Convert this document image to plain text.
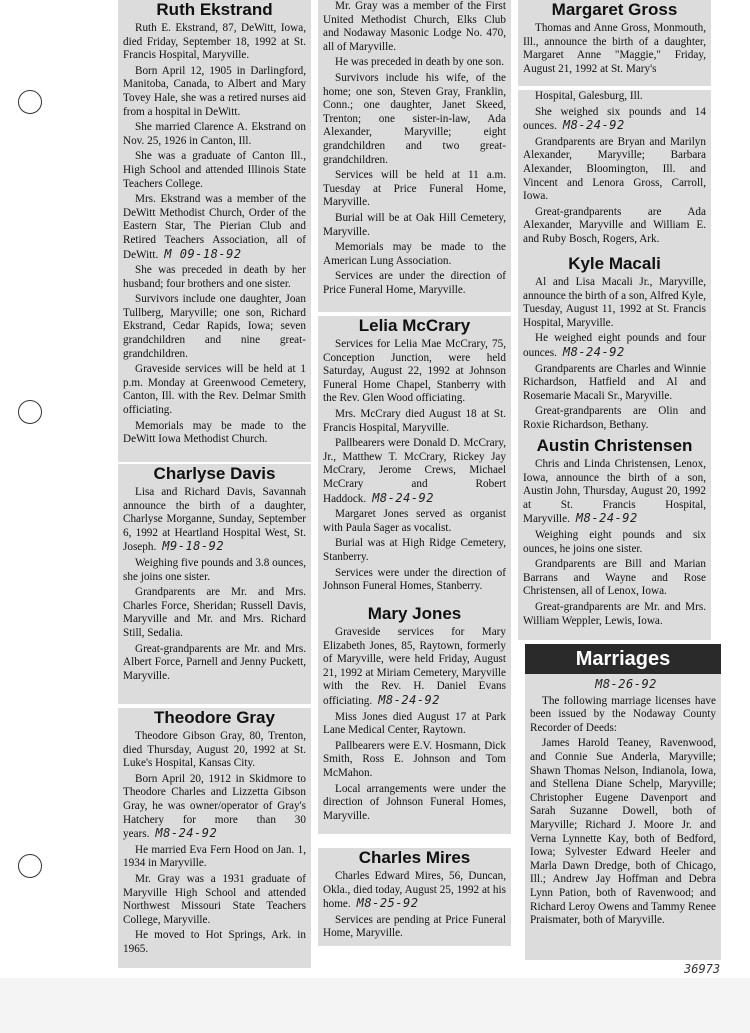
Ruth Ekstrand

Ruth E. Ekstrand, 87, DeWitt, Iowa, died Friday, September 18, 1992 at St. Francis Hospital, Maryville.

Born April 12, 1905 in Darlingford, Manitoba, Canada, to Albert and Mary Tovey Hale, she was a retired nurses aid from a hospital in DeWitt.

She married Clarence A. Ekstrand on Nov. 25, 1926 in Canton, Ill.

She was a graduate of Canton Ill., High School and attended Illinois State Teachers College.

Mrs. Ekstrand was a member of the DeWitt Methodist Church, Order of the Eastern Star, The Pierian Club and Retired Teachers Association, all of DeWitt. M 09-18-92

She was preceded in death by her husband; four brothers and one sister.

Survivors include one daughter, Joan Tullberg, Maryville; one son, Richard Ekstrand, Cedar Rapids, Iowa; seven grandchildren and nine great-grandchildren.

Graveside services will be held at 1 p.m. Monday at Greenwood Cemetery, Canton, Ill. with the Rev. Delmar Smith officiating.

Memorials may be made to the DeWitt Iowa Methodist Church.

Charlyse Davis

Lisa and Richard Davis, Savannah announce the birth of a daughter, Charlyse Morganne, Sunday, September 6, 1992 at Heartland Hospital West, St. Joseph. M9-18-92

Weighing five pounds and 3.8 ounces, she joins one sister.

Grandparents are Mr. and Mrs. Charles Force, Sheridan; Russell Davis, Maryville and Mr. and Mrs. Richard Still, Sedalia.

Great-grandparents are Mr. and Mrs. Albert Force, Parnell and Jenny Puckett, Maryville.

Theodore Gray

Theodore Gibson Gray, 80, Trenton, died Thursday, August 20, 1992 at St. Luke's Hospital, Kansas City.

Born April 20, 1912 in Skidmore to Theodore Charles and Lizzetta Gibson Gray, he was owner/operator of Gray's Hatchery for more than 30 years. M8-24-92

He married Eva Fern Hood on Jan. 1, 1934 in Maryville.

Mr. Gray was a 1931 graduate of Maryville High School and attended Northwest Missouri State Teachers College, Maryville.

He moved to Hot Springs, Ark. in 1965.

Mr. Gray was a member of the First United Methodist Church, Elks Club and Nodaway Masonic Lodge No. 470, all of Maryville.

He was preceded in death by one son.

Survivors include his wife, of the home; one son, Steven Gray, Franklin, Conn.; one daughter, Janet Skeed, Trenton; one sister-in-law, Ada Alexander, Maryville; eight grandchildren and two great-grandchildren.

Services will be held at 11 a.m. Tuesday at Price Funeral Home, Maryville.

Burial will be at Oak Hill Cemetery, Maryville.

Memorials may be made to the American Lung Association.

Services are under the direction of Price Funeral Home, Maryville.

Lelia McCrary

Services for Lelia Mae McCrary, 75, Conception Junction, were held Saturday, August 22, 1992 at Johnson Funeral Home Chapel, Stanberry with the Rev. Glen Wood officiating.

Mrs. McCrary died August 18 at St. Francis Hospital, Maryville.

Pallbearers were Donald D. McCrary, Jr., Matthew T. McCrary, Rickey Jay McCrary, Jerome Crews, Michael McCrary and Robert Haddock. M8-24-92

Margaret Jones served as organist with Paula Sager as vocalist.

Burial was at High Ridge Cemetery, Stanberry.

Services were under the direction of Johnson Funeral Homes, Stanberry.

Mary Jones

Graveside services for Mary Elizabeth Jones, 85, Raytown, formerly of Maryville, were held Friday, August 21, 1992 at Miriam Cemetery, Maryville with the Rev. H. Daniel Evans officiating. M8-24-92

Miss Jones died August 17 at Park Lane Medical Center, Raytown.

Pallbearers were E.V. Hosmann, Dick Smith, Ross E. Johnson and Tom McMahon.

Local arrangements were under the direction of Johnson Funeral Homes, Maryville.

Charles Mires

Charles Edward Mires, 56, Duncan, Okla., died today, August 25, 1992 at his home. M8-25-92

Services are pending at Price Funeral Home, Maryville.

Margaret Gross

Thomas and Anne Gross, Monmouth, Ill., announce the birth of a daughter, Margaret Anne "Maggie," Friday, August 21, 1992 at St. Mary's

Hospital, Galesburg, Ill.

She weighed six pounds and 14 ounces. M8-24-92

Grandparents are Bryan and Marilyn Alexander, Maryville; Barbara Alexander, Bloomington, Ill. and Vincent and Lenora Gross, Carroll, Iowa.

Great-grandparents are Ada Alexander, Maryville and William E. and Ruby Bosch, Rogers, Ark.

Kyle Macali

Al and Lisa Macali Jr., Maryville, announce the birth of a son, Alfred Kyle, Tuesday, August 11, 1992 at St. Francis Hospital, Maryville.

He weighed eight pounds and four ounces. M8-24-92

Grandparents are Charles and Winnie Richardson, Hatfield and Al and Rosemarie Macali Sr., Maryville.

Great-grandparents are Olin and Roxie Richardson, Bethany.

Austin Christensen

Chris and Linda Christensen, Lenox, Iowa, announce the birth of a son, Austin John, Thursday, August 20, 1992 at St. Francis Hospital, Maryville. M8-24-92

Weighing eight pounds and six ounces, he joins one sister.

Grandparents are Bill and Marian Barrans and Wayne and Rose Christensen, all of Lenox, Iowa.

Great-grandparents are Mr. and Mrs. William Weppler, Lewis, Iowa.

Marriages

M8-26-92

The following marriage licenses have been issued by the Nodaway County Recorder of Deeds:

James Harold Teaney, Ravenwood, and Connie Sue Anderla, Maryville; Shawn Thomas Nelson, Indianola, Iowa, and Stellena Diane Schelp, Maryville; Christopher Eugene Davenport and Sarah Suzanne Dowell, both of Maryville; Richard J. Moore Jr. and Verna Lynnette Kay, both of Bedford, Iowa; Sylvester Edward Heeler and Marla Dawn Dredge, both of Chicago, Ill.; Andrew Jay Hoffman and Debra Lynn Pation, both of Ravenwood; and Richard Leroy Owens and Tammy Renee Praismater, both of Maryville.

36973
